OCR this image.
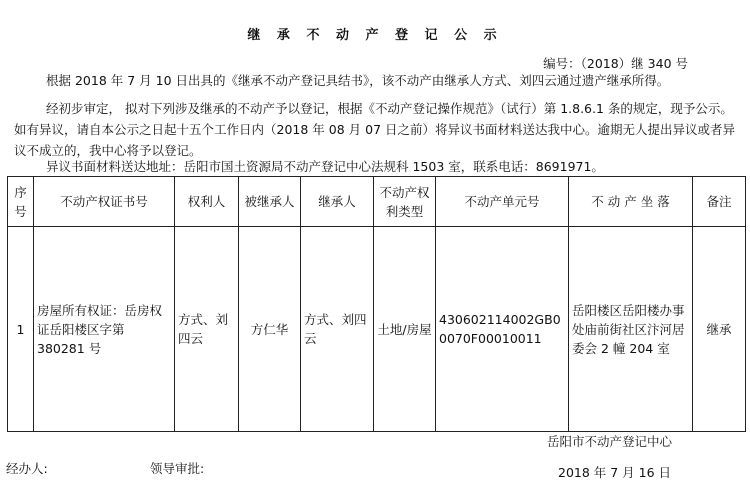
继 承 不 动 产 登 记 公 示
编号：（2018）继 340 号
根据 2018 年 7 月 10 日出具的《继承不动产登记具结书》，该不动产由继承人方式、刘四云通过遗产继承所得。
经初步审定， 拟对下列涉及继承的不动产予以登记，根据《不动产登记操作规范》（试行）第 1.8.6.1 条的规定，现予公示。如有异议，请自本公示之日起十五个工作日内（2018 年 08 月 07 日之前）将异议书面材料送达我中心。逾期无人提出异议或者异议不成立的，我中心将予以登记。
异议书面材料送达地址：岳阳市国土资源局不动产登记中心法规科 1503 室，联系电话：8691971。
序号	不动产权证书号	权利人	被继承人	继承人	不动产权利类型	不动产单元号	不 动 产 坐 落	备注
1	房屋所有权证：岳房权证岳阳楼区字第 380281 号	方式、刘四云	方仁华	方式、刘四云	土地/房屋	430602114002GB00070F00010011	岳阳楼区岳阳楼办事处庙前街社区汴河居委会 2 幢 204 室	继承
岳阳市不动产登记中心
经办人:	领导审批:	2018 年 7 月 16 日
